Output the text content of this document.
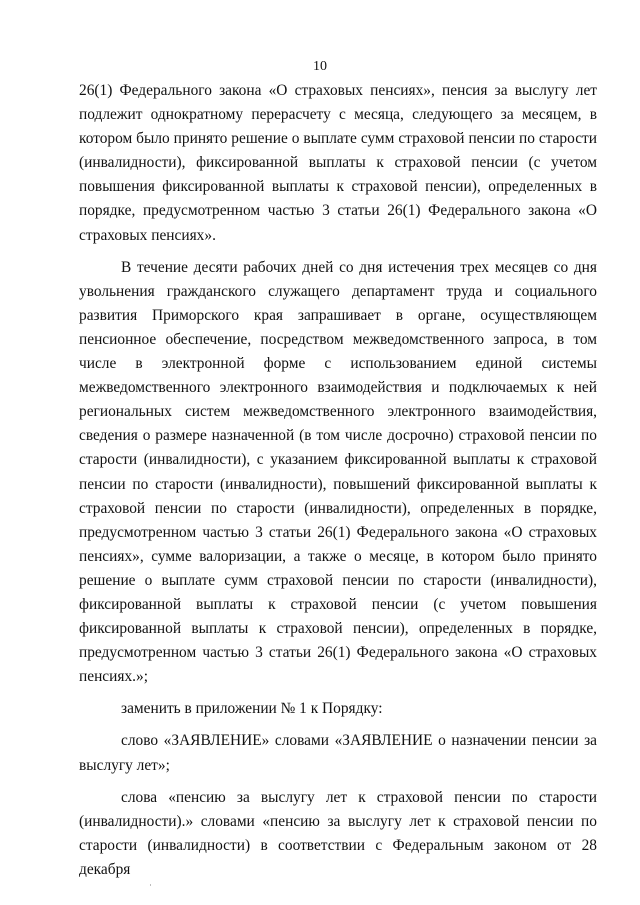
10

26(1) Федерального закона «О страховых пенсиях», пенсия за выслугу лет подлежит однократному перерасчету с месяца, следующего за месяцем, в котором было принято решение о выплате сумм страховой пенсии по старости (инвалидности), фиксированной выплаты к страховой пенсии (с учетом повышения фиксированной выплаты к страховой пенсии), определенных в порядке, предусмотренном частью 3 статьи 26(1) Федерального закона «О страховых пенсиях».

В течение десяти рабочих дней со дня истечения трех месяцев со дня увольнения гражданского служащего департамент труда и социального развития Приморского края запрашивает в органе, осуществляющем пенсионное обеспечение, посредством межведомственного запроса, в том числе в электронной форме с использованием единой системы межведомственного электронного взаимодействия и подключаемых к ней региональных систем межведомственного электронного взаимодействия, сведения о размере назначенной (в том числе досрочно) страховой пенсии по старости (инвалидности), с указанием фиксированной выплаты к страховой пенсии по старости (инвалидности), повышений фиксированной выплаты к страховой пенсии по старости (инвалидности), определенных в порядке, предусмотренном частью 3 статьи 26(1) Федерального закона «О страховых пенсиях», сумме валоризации, а также о месяце, в котором было принято решение о выплате сумм страховой пенсии по старости (инвалидности), фиксированной выплаты к страховой пенсии (с учетом повышения фиксированной выплаты к страховой пенсии), определенных в порядке, предусмотренном частью 3 статьи 26(1) Федерального закона «О страховых пенсиях.»;

заменить в приложении № 1 к Порядку:

слово «ЗАЯВЛЕНИЕ» словами «ЗАЯВЛЕНИЕ о назначении пенсии за выслугу лет»;

слова «пенсию за выслугу лет к страховой пенсии по старости (инвалидности).» словами «пенсию за выслугу лет к страховой пенсии по старости (инвалидности) в соответствии с Федеральным законом от 28 декабря
